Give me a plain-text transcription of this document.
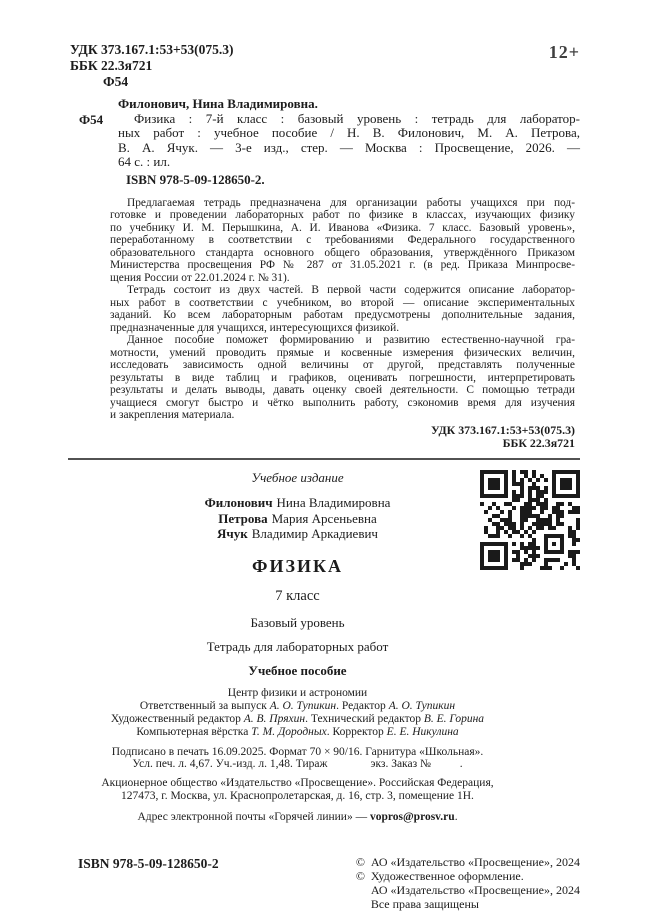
УДК 373.167.1:53+53(075.3)
ББК 22.3я721
Ф54
12+
Филонович, Нина Владимировна.
Ф54	Физика : 7-й класс : базовый уровень : тетрадь для лаборатор-
ных работ : учебное пособие / Н. В. Филонович, М. А. Петрова,
В. А. Ячук. — 3-е изд., стер. — Москва : Просвещение, 2026. —
64 с. : ил.
ISBN 978-5-09-128650-2.
Предлагаемая тетрадь предназначена для организации работы учащихся при под-
готовке и проведении лабораторных работ по физике в классах, изучающих физику
по учебнику И. М. Перышкина, А. И. Иванова «Физика. 7 класс. Базовый уровень»,
переработанному в соответствии с требованиями Федерального государственного
образовательного стандарта основного общего образования, утверждённого Приказом
Министерства просвещения РФ № 287 от 31.05.2021 г. (в ред. Приказа Минпросве-
щения России от 22.01.2024 г. № 31).
Тетрадь состоит из двух частей. В первой части содержится описание лаборатор-
ных работ в соответствии с учебником, во второй — описание экспериментальных
заданий. Ко всем лабораторным работам предусмотрены дополнительные задания,
предназначенные для учащихся, интересующихся физикой.
Данное пособие поможет формированию и развитию естественно-научной гра-
мотности, умений проводить прямые и косвенные измерения физических величин,
исследовать зависимость одной величины от другой, представлять полученные
результаты в виде таблиц и графиков, оценивать погрешности, интерпретировать
результаты и делать выводы, давать оценку своей деятельности. С помощью тетради
учащиеся смогут быстро и чётко выполнить работу, сэкономив время для изучения
и закрепления материала.
УДК 373.167.1:53+53(075.3)
ББК 22.3я721
Учебное издание
Филонович Нина Владимировна
Петрова Мария Арсеньевна
Ячук Владимир Аркадиевич
ФИЗИКА
7 класс
Базовый уровень
Тетрадь для лабораторных работ
Учебное пособие
Центр физики и астрономии
Ответственный за выпуск А. О. Тупикин. Редактор А. О. Тупикин
Художественный редактор А. В. Пряхин. Технический редактор В. Е. Горина
Компьютерная вёрстка Т. М. Дородных. Корректор Е. Е. Никулина
Подписано в печать 16.09.2025. Формат 70 × 90/16. Гарнитура «Школьная».
Усл. печ. л. 4,67. Уч.-изд. л. 1,48. Тираж               экз. Заказ №          .
Акционерное общество «Издательство «Просвещение». Российская Федерация,
127473, г. Москва, ул. Краснопролетарская, д. 16, стр. 3, помещение 1Н.
Адрес электронной почты «Горячей линии» — vopros@prosv.ru.
ISBN 978-5-09-128650-2	© АО «Издательство «Просвещение», 2024
© Художественное оформление.
АО «Издательство «Просвещение», 2024
Все права защищены
